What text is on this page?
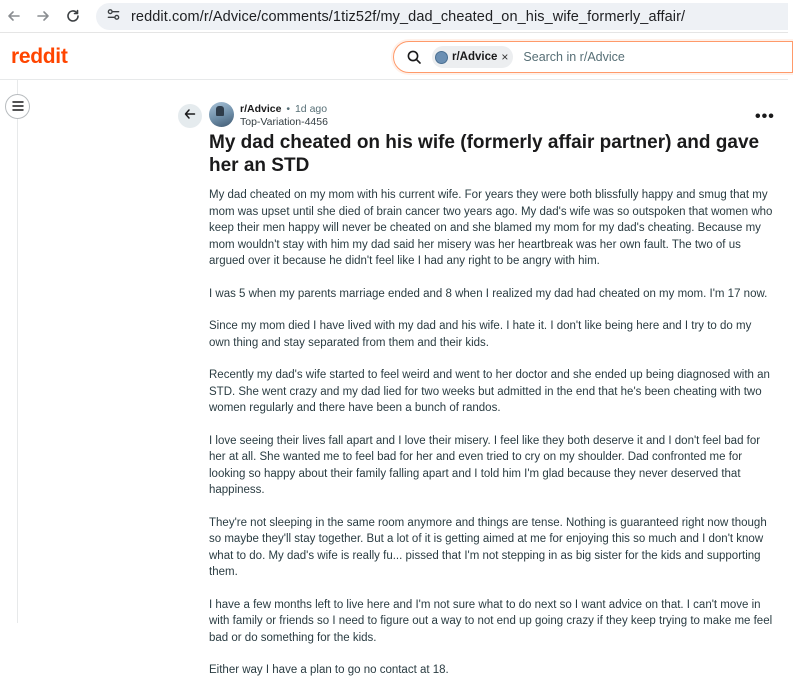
reddit.com/r/Advice/comments/1tiz52f/my_dad_cheated_on_his_wife_formerly_affair/
reddit	r/Advice × Search in r/Advice
r/Advice • 1d ago
Top-Variation-4456	•••
My dad cheated on his wife (formerly affair partner) and gave her an STD

My dad cheated on my mom with his current wife. For years they were both blissfully happy and smug that my mom was upset until she died of brain cancer two years ago. My dad's wife was so outspoken that women who keep their men happy will never be cheated on and she blamed my mom for my dad's cheating. Because my mom wouldn't stay with him my dad said her misery was her heartbreak was her own fault. The two of us argued over it because he didn't feel like I had any right to be angry with him.

I was 5 when my parents marriage ended and 8 when I realized my dad had cheated on my mom. I'm 17 now.

Since my mom died I have lived with my dad and his wife. I hate it. I don't like being here and I try to do my own thing and stay separated from them and their kids.

Recently my dad's wife started to feel weird and went to her doctor and she ended up being diagnosed with an STD. She went crazy and my dad lied for two weeks but admitted in the end that he's been cheating with two women regularly and there have been a bunch of randos.

I love seeing their lives fall apart and I love their misery. I feel like they both deserve it and I don't feel bad for her at all. She wanted me to feel bad for her and even tried to cry on my shoulder. Dad confronted me for looking so happy about their family falling apart and I told him I'm glad because they never deserved that happiness.

They're not sleeping in the same room anymore and things are tense. Nothing is guaranteed right now though so maybe they'll stay together. But a lot of it is getting aimed at me for enjoying this so much and I don't know what to do. My dad's wife is really fu... pissed that I'm not stepping in as big sister for the kids and supporting them.

I have a few months left to live here and I'm not sure what to do next so I want advice on that. I can't move in with family or friends so I need to figure out a way to not end up going crazy if they keep trying to make me feel bad or do something for the kids.

Either way I have a plan to go no contact at 18.
